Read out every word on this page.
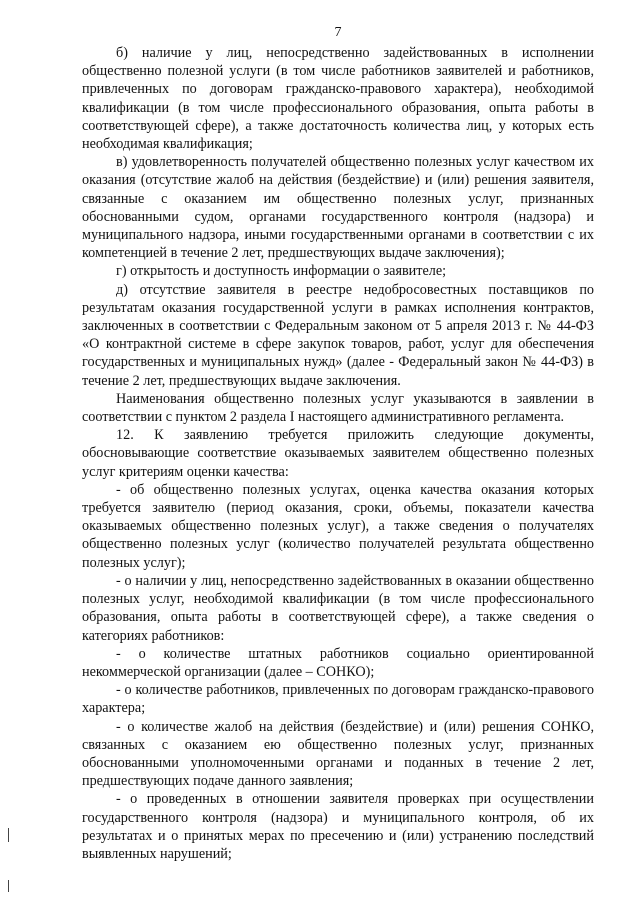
7

б) наличие у лиц, непосредственно задействованных в исполнении общественно полезной услуги (в том числе работников заявителей и работников, привлеченных по договорам гражданско-правового характера), необходимой квалификации (в том числе профессионального образования, опыта работы в соответствующей сфере), а также достаточность количества лиц, у которых есть необходимая квалификация;

в) удовлетворенность получателей общественно полезных услуг качеством их оказания (отсутствие жалоб на действия (бездействие) и (или) решения заявителя, связанные с оказанием им общественно полезных услуг, признанных обоснованными судом, органами государственного контроля (надзора) и муниципального надзора, иными государственными органами в соответствии с их компетенцией в течение 2 лет, предшествующих выдаче заключения);

г) открытость и доступность информации о заявителе;

д) отсутствие заявителя в реестре недобросовестных поставщиков по результатам оказания государственной услуги в рамках исполнения контрактов, заключенных в соответствии с Федеральным законом от 5 апреля 2013 г. № 44-ФЗ «О контрактной системе в сфере закупок товаров, работ, услуг для обеспечения государственных и муниципальных нужд» (далее - Федеральный закон № 44-ФЗ) в течение 2 лет, предшествующих выдаче заключения.

Наименования общественно полезных услуг указываются в заявлении в соответствии с пунктом 2 раздела I настоящего административного регламента.

12. К заявлению требуется приложить следующие документы, обосновывающие соответствие оказываемых заявителем общественно полезных услуг критериям оценки качества:

- об общественно полезных услугах, оценка качества оказания которых требуется заявителю (период оказания, сроки, объемы, показатели качества оказываемых общественно полезных услуг), а также сведения о получателях общественно полезных услуг (количество получателей результата общественно полезных услуг);

- о наличии у лиц, непосредственно задействованных в оказании общественно полезных услуг, необходимой квалификации (в том числе профессионального образования, опыта работы в соответствующей сфере), а также сведения о категориях работников:

- о количестве штатных работников социально ориентированной некоммерческой организации (далее – СОНКО);

- о количестве работников, привлеченных по договорам гражданско-правового характера;

- о количестве жалоб на действия (бездействие) и (или) решения СОНКО, связанных с оказанием ею общественно полезных услуг, признанных обоснованными уполномоченными органами и поданных в течение 2 лет, предшествующих подаче данного заявления;

- о проведенных в отношении заявителя проверках при осуществлении государственного контроля (надзора) и муниципального контроля, об их результатах и о принятых мерах по пресечению и (или) устранению последствий выявленных нарушений;
